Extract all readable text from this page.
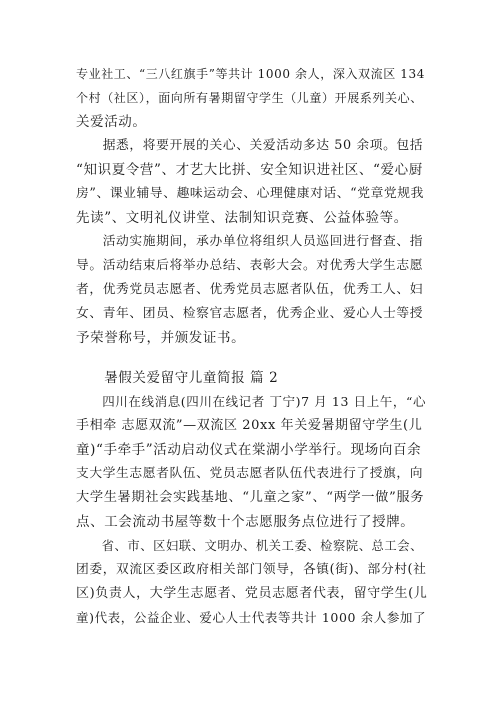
专业社工、“三八红旗手”等共计 1000 余人，深入双流区 134
个村（社区），面向所有暑期留守学生（儿童）开展系列关心、
关爱活动。
　　据悉，将要开展的关心、关爱活动多达 50 余项。包括
“知识夏令营”、才艺大比拼、安全知识进社区、“爱心厨
房”、课业辅导、趣味运动会、心理健康对话、“党章党规我
先读”、文明礼仪讲堂、法制知识竞赛、公益体验等。
　　活动实施期间，承办单位将组织人员巡回进行督查、指
导。活动结束后将举办总结、表彰大会。对优秀大学生志愿
者，优秀党员志愿者、优秀党员志愿者队伍，优秀工人、妇
女、青年、团员、检察官志愿者，优秀企业、爱心人士等授
予荣誉称号，并颁发证书。
　　暑假关爱留守儿童简报 篇 2
　　四川在线消息(四川在线记者 丁宁)7 月 13 日上午，“心
手相牵 志愿双流”—双流区 20xx 年关爱暑期留守学生(儿
童)“手牵手”活动启动仪式在棠湖小学举行。现场向百余
支大学生志愿者队伍、党员志愿者队伍代表进行了授旗，向
大学生暑期社会实践基地、“儿童之家”、“两学一做”服务
点、工会流动书屋等数十个志愿服务点位进行了授牌。
　　省、市、区妇联、文明办、机关工委、检察院、总工会、
团委，双流区委区政府相关部门领导，各镇(街)、部分村(社
区)负责人，大学生志愿者、党员志愿者代表，留守学生(儿
童)代表，公益企业、爱心人士代表等共计 1000 余人参加了
